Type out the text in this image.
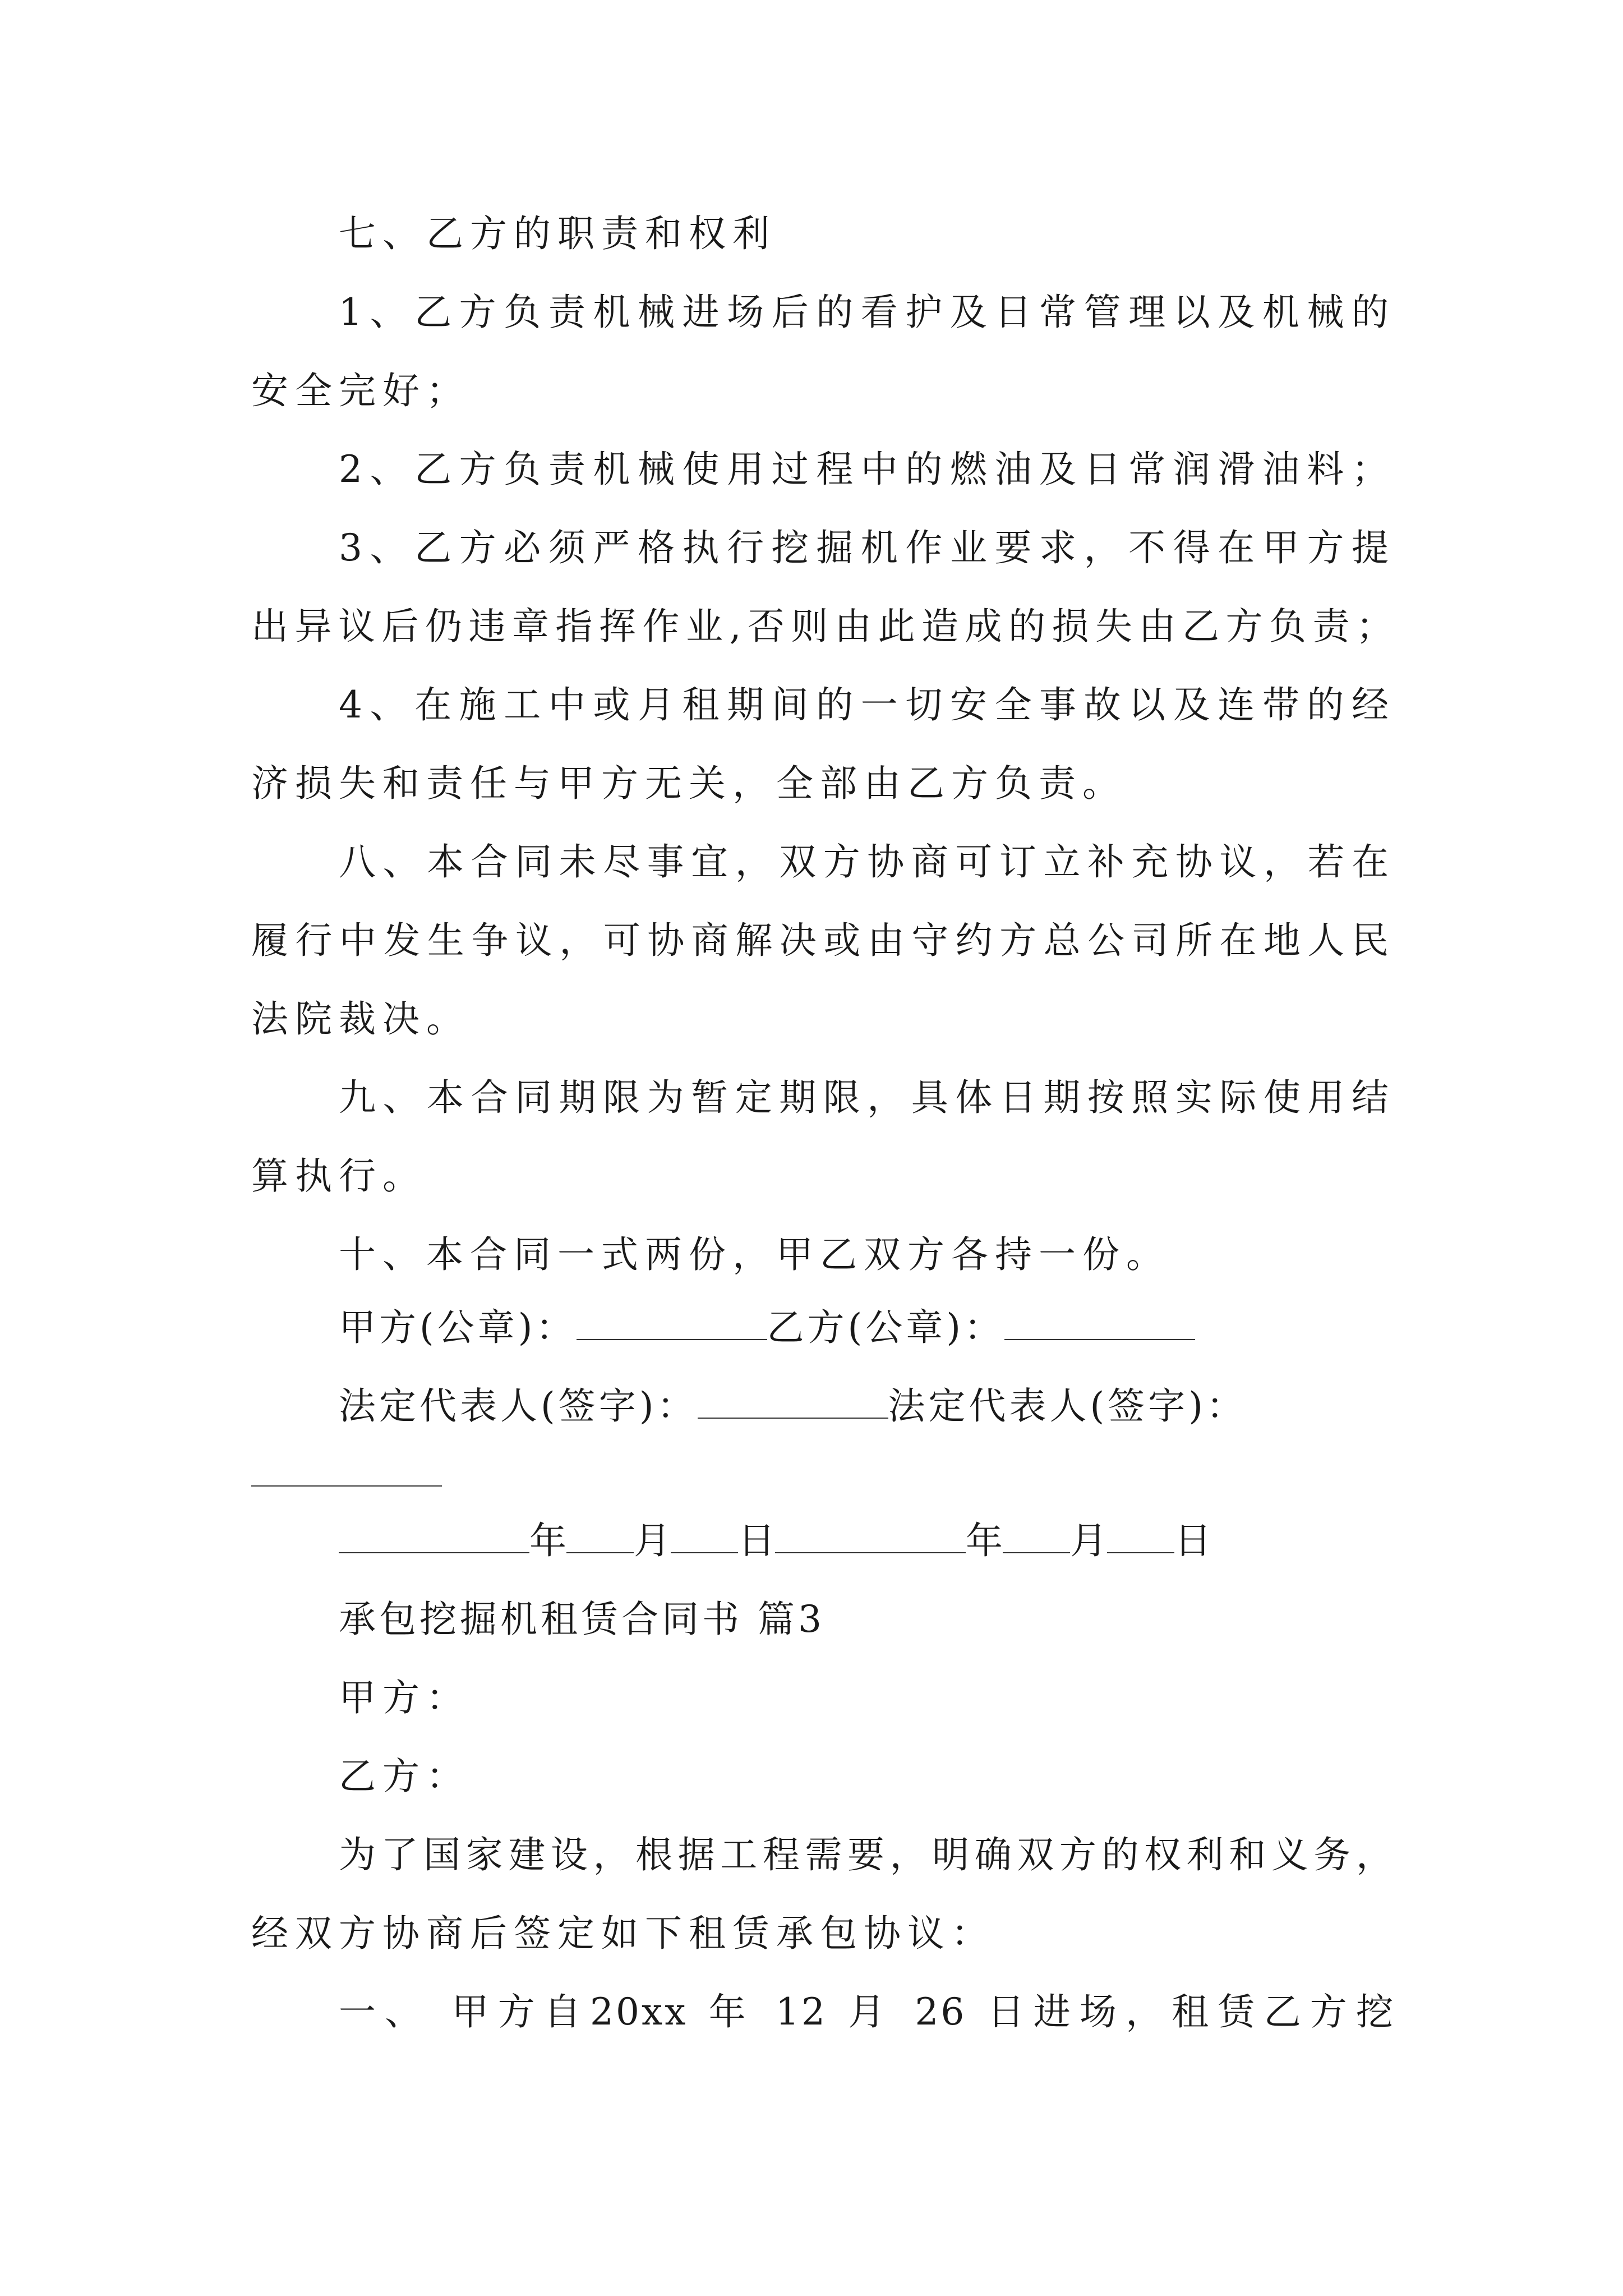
七、乙方的职责和权利
1、乙方负责机械进场后的看护及日常管理以及机械的
安全完好；
2、乙方负责机械使用过程中的燃油及日常润滑油料；
3、乙方必须严格执行挖掘机作业要求，不得在甲方提
出异议后仍违章指挥作业,否则由此造成的损失由乙方负责；
4、在施工中或月租期间的一切安全事故以及连带的经
济损失和责任与甲方无关，全部由乙方负责。
八、本合同未尽事宜，双方协商可订立补充协议，若在
履行中发生争议，可协商解决或由守约方总公司所在地人民
法院裁决。
九、本合同期限为暂定期限，具体日期按照实际使用结
算执行。
十、本合同一式两份，甲乙双方各持一份。
甲方(公章)：	乙方(公章)：
法定代表人(签字)：	法定代表人(签字)：
年 月 日	年 月 日
承包挖掘机租赁合同书 篇3
甲方：
乙方：
为了国家建设，根据工程需要，明确双方的权利和义务，
经双方协商后签定如下租赁承包协议：
一、 甲方自20xx 年 12 月 26 日进场，租赁乙方挖
